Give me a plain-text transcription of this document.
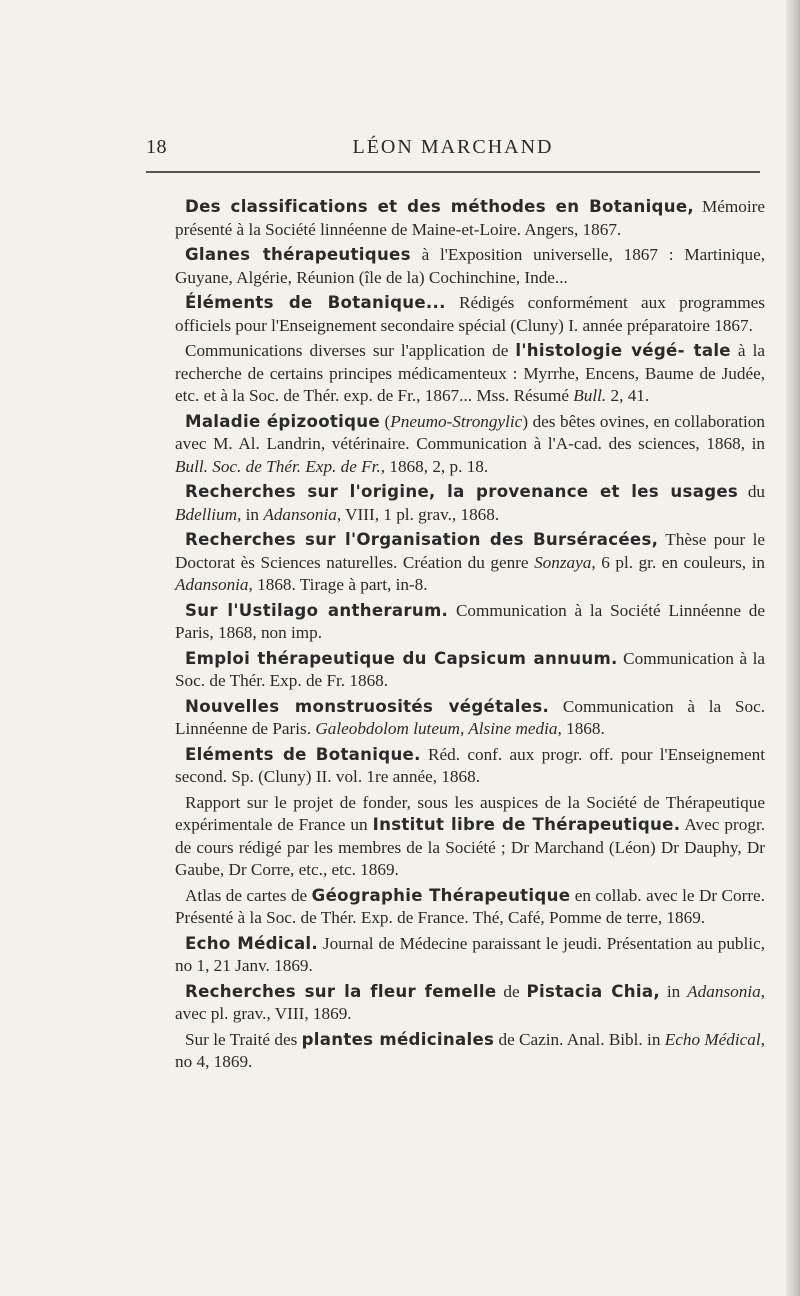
18	LÉON MARCHAND

Des classifications et des méthodes en Botanique, Mémoire présenté à la Société linnéenne de Maine-et-Loire. Angers, 1867.

Glanes thérapeutiques à l'Exposition universelle, 1867 : Martinique, Guyane, Algérie, Réunion (île de la) Cochinchine, Inde...

Éléments de Botanique... Rédigés conformément aux programmes officiels pour l'Enseignement secondaire spécial (Cluny) I. année préparatoire 1867.

Communications diverses sur l'application de l'histologie végé- tale à la recherche de certains principes médicamenteux : Myrrhe, Encens, Baume de Judée, etc. et à la Soc. de Thér. exp. de Fr., 1867... Mss. Résumé Bull. 2, 41.

Maladie épizootique (Pneumo-Strongylic) des bêtes ovines, en collaboration avec M. Al. Landrin, vétérinaire. Communication à l'A-cad. des sciences, 1868, in Bull. Soc. de Thér. Exp. de Fr., 1868, 2, p. 18.

Recherches sur l'origine, la provenance et les usages du Bdellium, in Adansonia, VIII, 1 pl. grav., 1868.

Recherches sur l'Organisation des Burséracées, Thèse pour le Doctorat ès Sciences naturelles. Création du genre Sonzaya, 6 pl. gr. en couleurs, in Adansonia, 1868. Tirage à part, in-8.

Sur l'Ustilago antherarum. Communication à la Société Linnéenne de Paris, 1868, non imp.

Emploi thérapeutique du Capsicum annuum. Communication à la Soc. de Thér. Exp. de Fr. 1868.

Nouvelles monstruosités végétales. Communication à la Soc. Linnéenne de Paris. Galeobdolom luteum, Alsine media, 1868.

Eléments de Botanique. Réd. conf. aux progr. off. pour l'Enseignement second. Sp. (Cluny) II. vol. 1re année, 1868.

Rapport sur le projet de fonder, sous les auspices de la Société de Thérapeutique expérimentale de France un Institut libre de Thérapeutique. Avec progr. de cours rédigé par les membres de la Société ; Dr Marchand (Léon) Dr Dauphy, Dr Gaube, Dr Corre, etc., etc. 1869.

Atlas de cartes de Géographie Thérapeutique en collab. avec le Dr Corre. Présenté à la Soc. de Thér. Exp. de France. Thé, Café, Pomme de terre, 1869.

Echo Médical. Journal de Médecine paraissant le jeudi. Présentation au public, no 1, 21 Janv. 1869.

Recherches sur la fleur femelle de Pistacia Chia, in Adansonia, avec pl. grav., VIII, 1869.

Sur le Traité des plantes médicinales de Cazin. Anal. Bibl. in Echo Médical, no 4, 1869.
